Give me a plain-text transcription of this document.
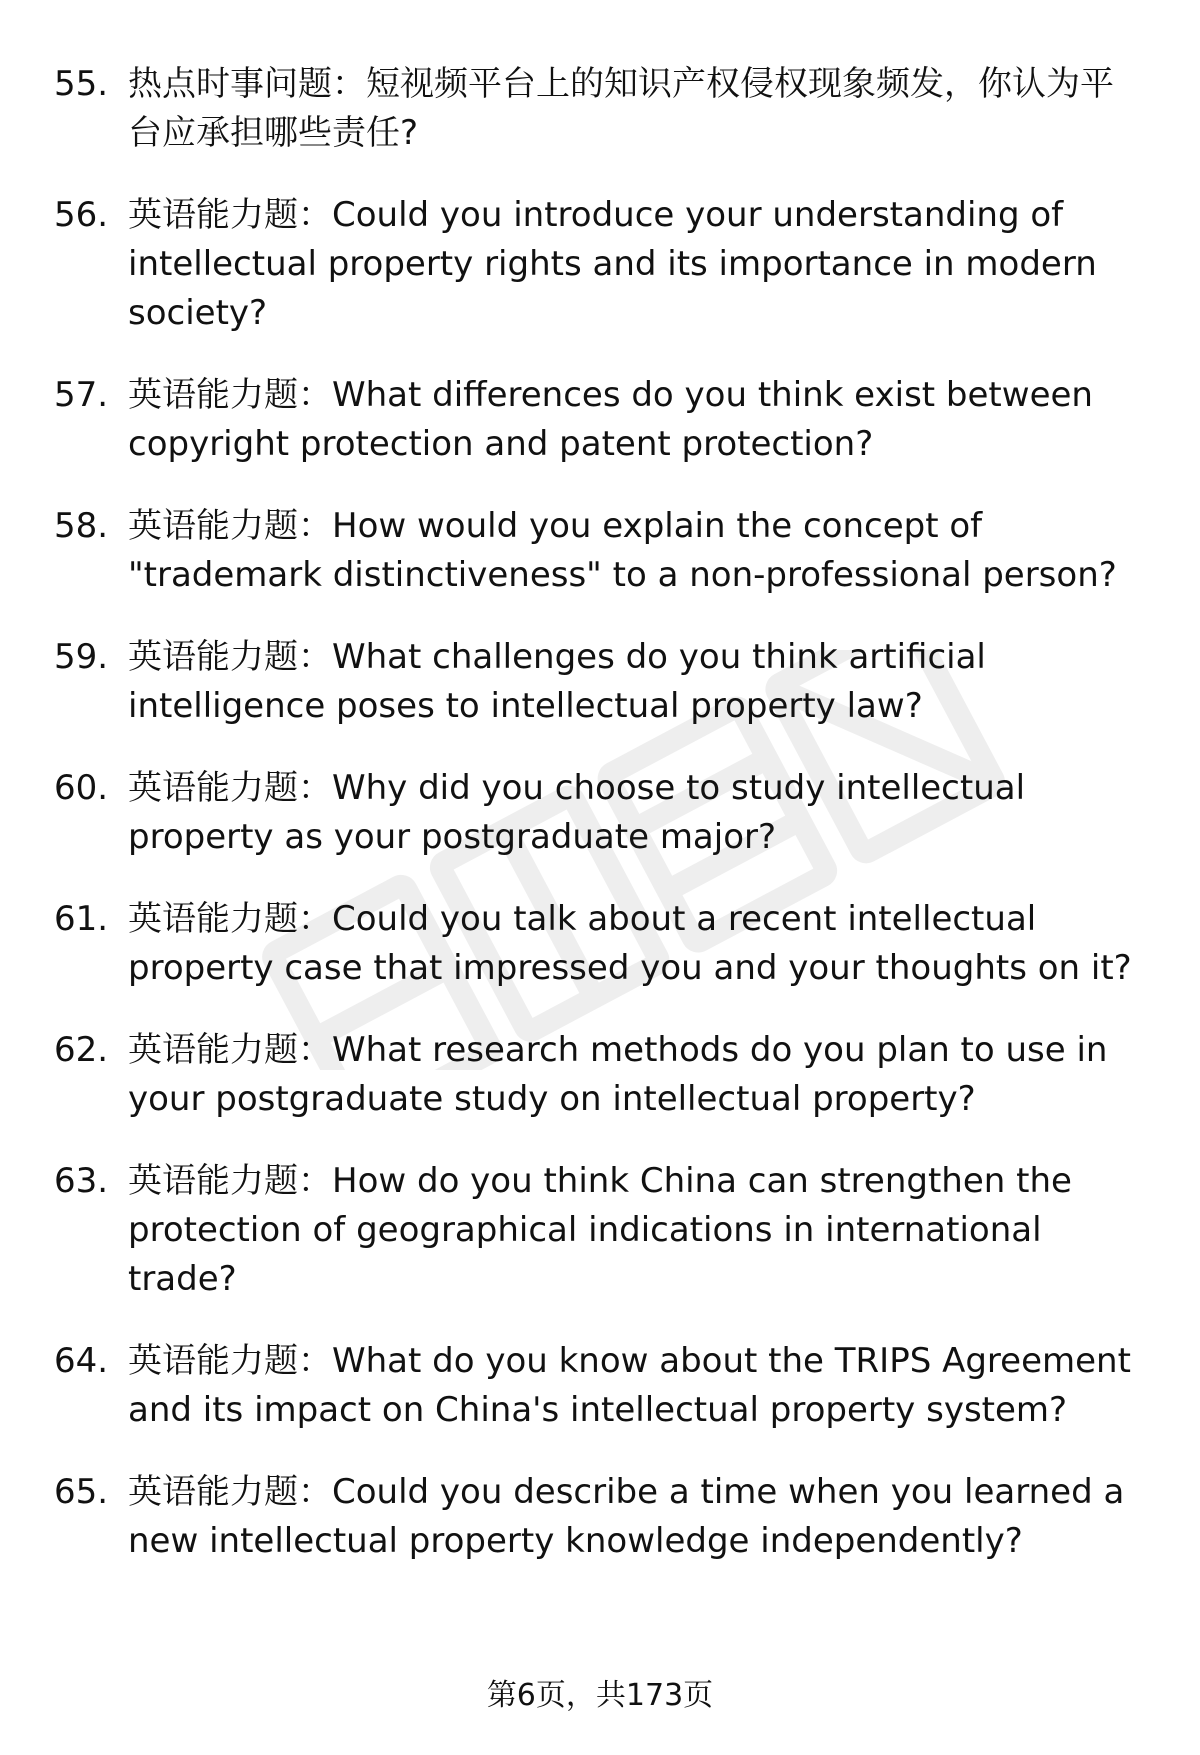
55. 热点时事问题：短视频平台上的知识产权侵权现象频发，你认为平台应承担哪些责任?
56. 英语能力题：Could you introduce your understanding of intellectual property rights and its importance in modern society?
57. 英语能力题：What differences do you think exist between copyright protection and patent protection?
58. 英语能力题：How would you explain the concept of "trademark distinctiveness" to a non-professional person?
59. 英语能力题：What challenges do you think artificial intelligence poses to intellectual property law?
60. 英语能力题：Why did you choose to study intellectual property as your postgraduate major?
61. 英语能力题：Could you talk about a recent intellectual property case that impressed you and your thoughts on it?
62. 英语能力题：What research methods do you plan to use in your postgraduate study on intellectual property?
63. 英语能力题：How do you think China can strengthen the protection of geographical indications in international trade?
64. 英语能力题：What do you know about the TRIPS Agreement and its impact on China's intellectual property system?
65. 英语能力题：Could you describe a time when you learned a new intellectual property knowledge independently?
第6页，共173页
